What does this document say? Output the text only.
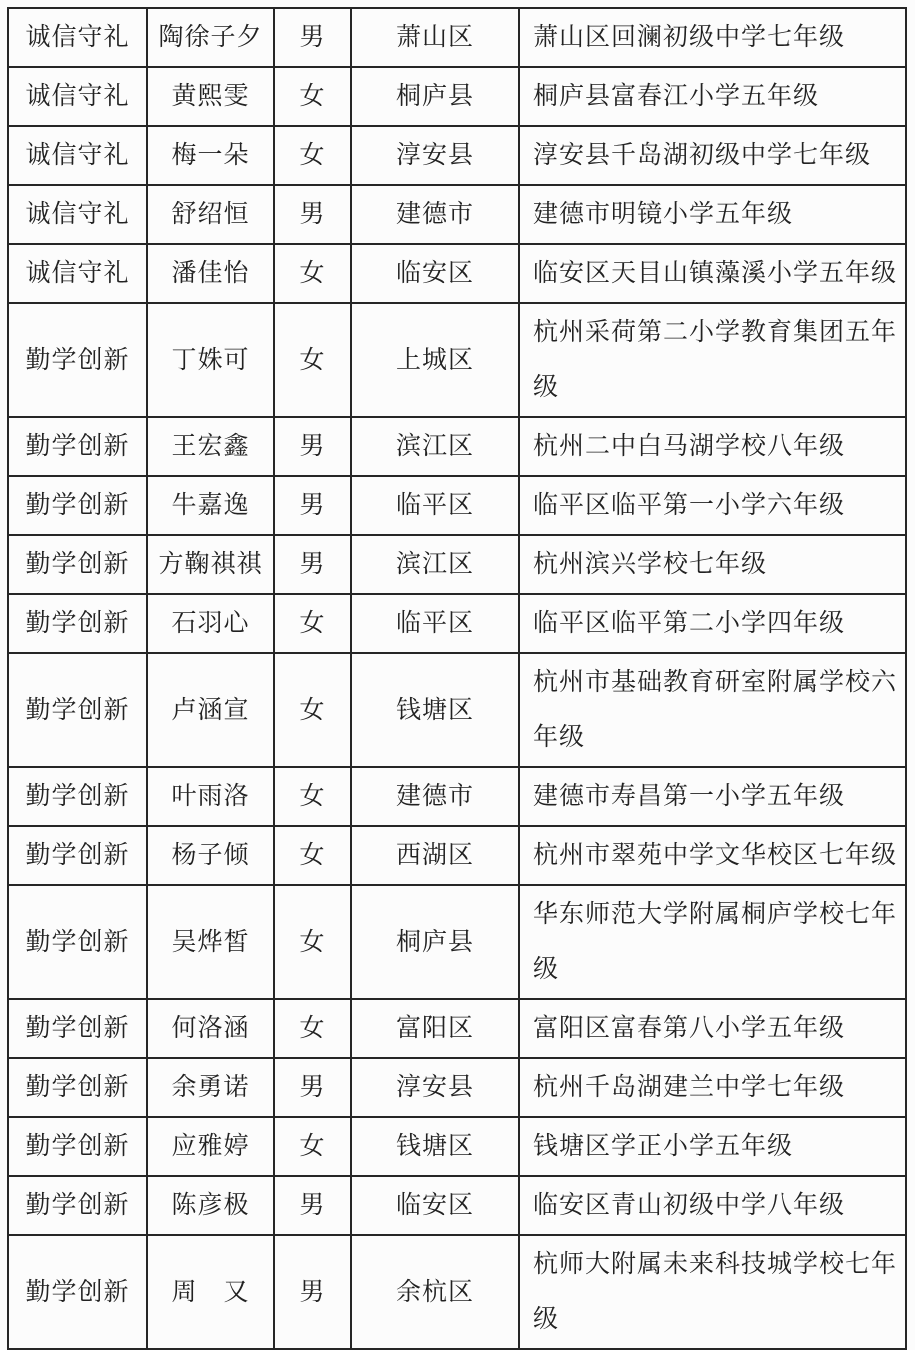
诚信守礼	陶徐子夕	男	萧山区	萧山区回澜初级中学七年级
诚信守礼	黄熙雯	女	桐庐县	桐庐县富春江小学五年级
诚信守礼	梅一朵	女	淳安县	淳安县千岛湖初级中学七年级
诚信守礼	舒绍恒	男	建德市	建德市明镜小学五年级
诚信守礼	潘佳怡	女	临安区	临安区天目山镇藻溪小学五年级
勤学创新	丁姝可	女	上城区	杭州采荷第二小学教育集团五年级
勤学创新	王宏鑫	男	滨江区	杭州二中白马湖学校八年级
勤学创新	牛嘉逸	男	临平区	临平区临平第一小学六年级
勤学创新	方鞠祺祺	男	滨江区	杭州滨兴学校七年级
勤学创新	石羽心	女	临平区	临平区临平第二小学四年级
勤学创新	卢涵宣	女	钱塘区	杭州市基础教育研室附属学校六年级
勤学创新	叶雨洛	女	建德市	建德市寿昌第一小学五年级
勤学创新	杨子倾	女	西湖区	杭州市翠苑中学文华校区七年级
勤学创新	吴烨皙	女	桐庐县	华东师范大学附属桐庐学校七年级
勤学创新	何洛涵	女	富阳区	富阳区富春第八小学五年级
勤学创新	余勇诺	男	淳安县	杭州千岛湖建兰中学七年级
勤学创新	应雅婷	女	钱塘区	钱塘区学正小学五年级
勤学创新	陈彦极	男	临安区	临安区青山初级中学八年级
勤学创新	周　又	男	余杭区	杭师大附属未来科技城学校七年级
